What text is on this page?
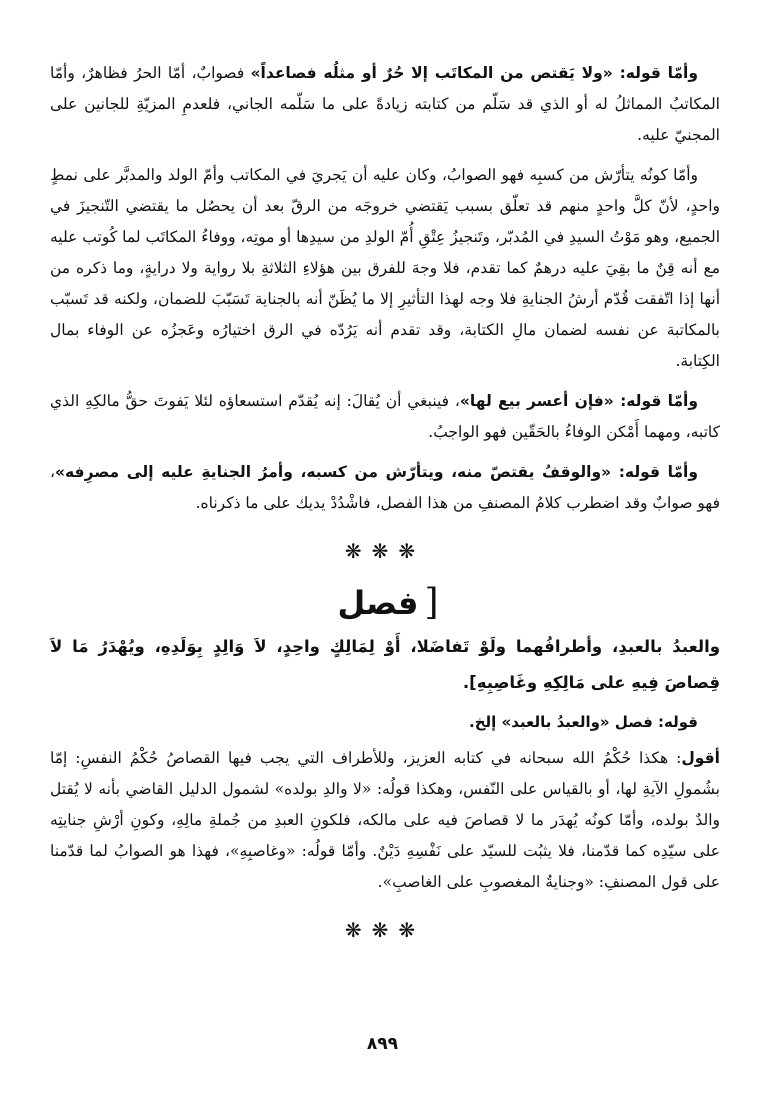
وأمّا قوله: «ولا يَقتص من المكاتَب إلا حُرٌ أو مثلُه فصاعداً» فصوابٌ، أمّا الحرُ فظاهرٌ، وأمّا المكاتبُ المماثلُ له أو الذي قد سَلّم من كتابته زيادةً على ما سَلّمه الجاني، فلعدمِ المزيّةِ للجانين على المجنيّ عليه.

وأمّا كونُه يتأرّش من كسبِه فهو الصوابُ، وكان عليه أن يَجريَ في المكاتب وأمّ الولد والمدبَّر على نمطٍ واحدٍ، لأنّ كلَّ واحدٍ منهم قد تعلّق بسبب يَقتضي خروجَه من الرقّ بعد أن يحصُل ما يقتضي التّنجيزَ في الجميع، وهو مَوْتُ السيدِ في المُدبّر، وتَنجيزُ عِتْقِ أُمّ الولدِ من سيدِها أو موتِه، ووفاءُ المكاتَب لما كُوتب عليه مع أنه قِنٌ ما بقِيَ عليه درهمٌ كما تقدم، فلا وجهَ للفرق بين هؤلاءِ الثلاثةِ بلا رواية ولا درايةٍ، وما ذكره من أنها إذا اتّفقت قُدّم أرشُ الجنايةِ فلا وجه لهذا التأثيرِ إلا ما يُظَنّ أنه بالجناية تَسَبّبَ للضمان، ولكنه قد تَسبّب بالمكاتبة عن نفسه لضمان مالِ الكتابة، وقد تقدم أنه يَرُدّه في الرق اختيارُه وعَجزُه عن الوفاء بمال الكِتابة.

وأمّا قوله: «فإن أعسر بيع لها»، فينبغي أن يُقالَ: إنه يُقدّم استسعاؤه لئلا يَفوتَ حقُّ مالكِهِ الذي كاتبه، ومهما أَمْكن الوفاءُ بالحَقّين فهو الواجبُ.

وأمّا قوله: «والوقفُ يقتصّ منه، ويتأرّش من كسبه، وأمرُ الجنايةِ عليه إلى مصرِفه»، فهو صوابٌ وقد اضطرب كلامُ المصنفِ من هذا الفصل، فاشْدُدْ يديك على ما ذكرناه.

❋❋❋
[فصل

والعبدُ بالعبدِ، وأطرافُهما ولَوْ تَفاضَلا، أَوْ لِمَالِكٍ واحِدٍ، لاَ وَالِدٍ بِوَلَدِهِ، ويُهْدَرُ مَا لاَ قِصاصَ فِيهِ على مَالِكِهِ وغَاصِبِهِ].

قوله: فصل «والعبدُ بالعبد» إلخ.

أقول: هكذا حُكْمُ الله سبحانه في كتابه العزيز، وللأطراف التي يجب فيها القصاصُ حُكْمُ النفسِ: إمّا بشُمولِ الآيةِ لها، أو بالقياس على النّفس، وهكذا قولُه: «لا والدِ بولده» لشمول الدليل القاضي بأنه لا يُقتل والدٌ بولده، وأمّا كونُه يُهدَر ما لا قصاصَ فيه على مالكه، فلكونِ العبدِ من جُملةِ مالِهِ، وكونِ أرْشِ جنايتِه على سيّدِه كما قدّمنا، فلا يثبُت للسيّد على نَفْسِهِ دَيْنٌ. وأمّا قولُه: «وغاصبِهِ»، فهذا هو الصوابُ لما قدّمنا على قول المصنفِ: «وجنايةُ المغصوبِ على الغاصبِ».

❋❋❋
٨٩٩
